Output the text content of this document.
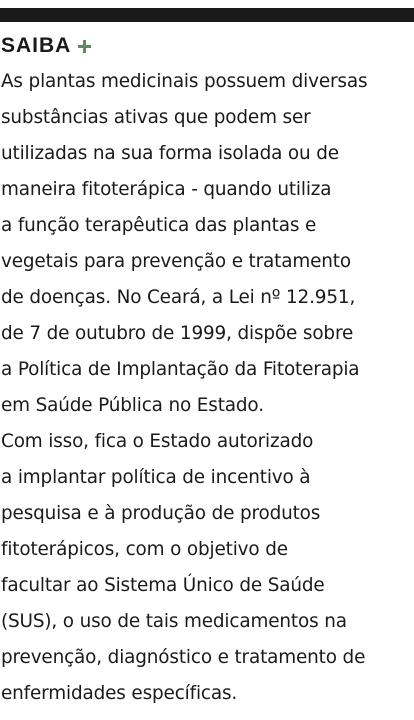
SAIBA
As plantas medicinais possuem diversas
substâncias ativas que podem ser
utilizadas na sua forma isolada ou de
maneira fitoterápica - quando utiliza
a função terapêutica das plantas e
vegetais para prevenção e tratamento
de doenças. No Ceará, a Lei nº 12.951,
de 7 de outubro de 1999, dispõe sobre
a Política de Implantação da Fitoterapia
em Saúde Pública no Estado.
Com isso, fica o Estado autorizado
a implantar política de incentivo à
pesquisa e à produção de produtos
fitoterápicos, com o objetivo de
facultar ao Sistema Único de Saúde
(SUS), o uso de tais medicamentos na
prevenção, diagnóstico e tratamento de
enfermidades específicas.
